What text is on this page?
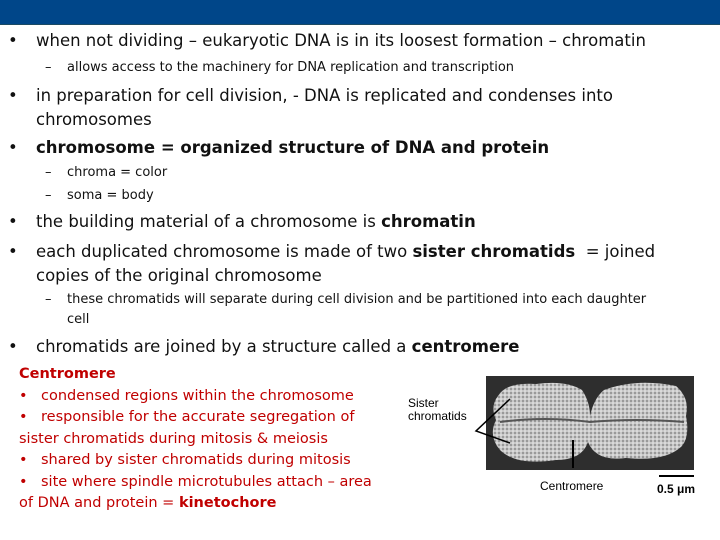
• when not dividing – eukaryotic DNA is in its loosest formation – chromatin
– allows access to the machinery for DNA replication and transcription
• in preparation for cell division, - DNA is replicated and condenses into
chromosomes
• chromosome = organized structure of DNA and protein
– chroma = color
– soma = body
• the building material of a chromosome is chromatin
• each duplicated chromosome is made of two sister chromatids  = joined
copies of the original chromosome
– these chromatids will separate during cell division and be partitioned into each daughter
cell
• chromatids are joined by a structure called a centromere
Centromere
• condensed regions within the chromosome
• responsible for the accurate segregation of
sister chromatids during mitosis & meiosis
• shared by sister chromatids during mitosis
• site where spindle microtubules attach – area
of DNA and protein = kinetochore
Sister
chromatids
Centromere	0.5 μm
